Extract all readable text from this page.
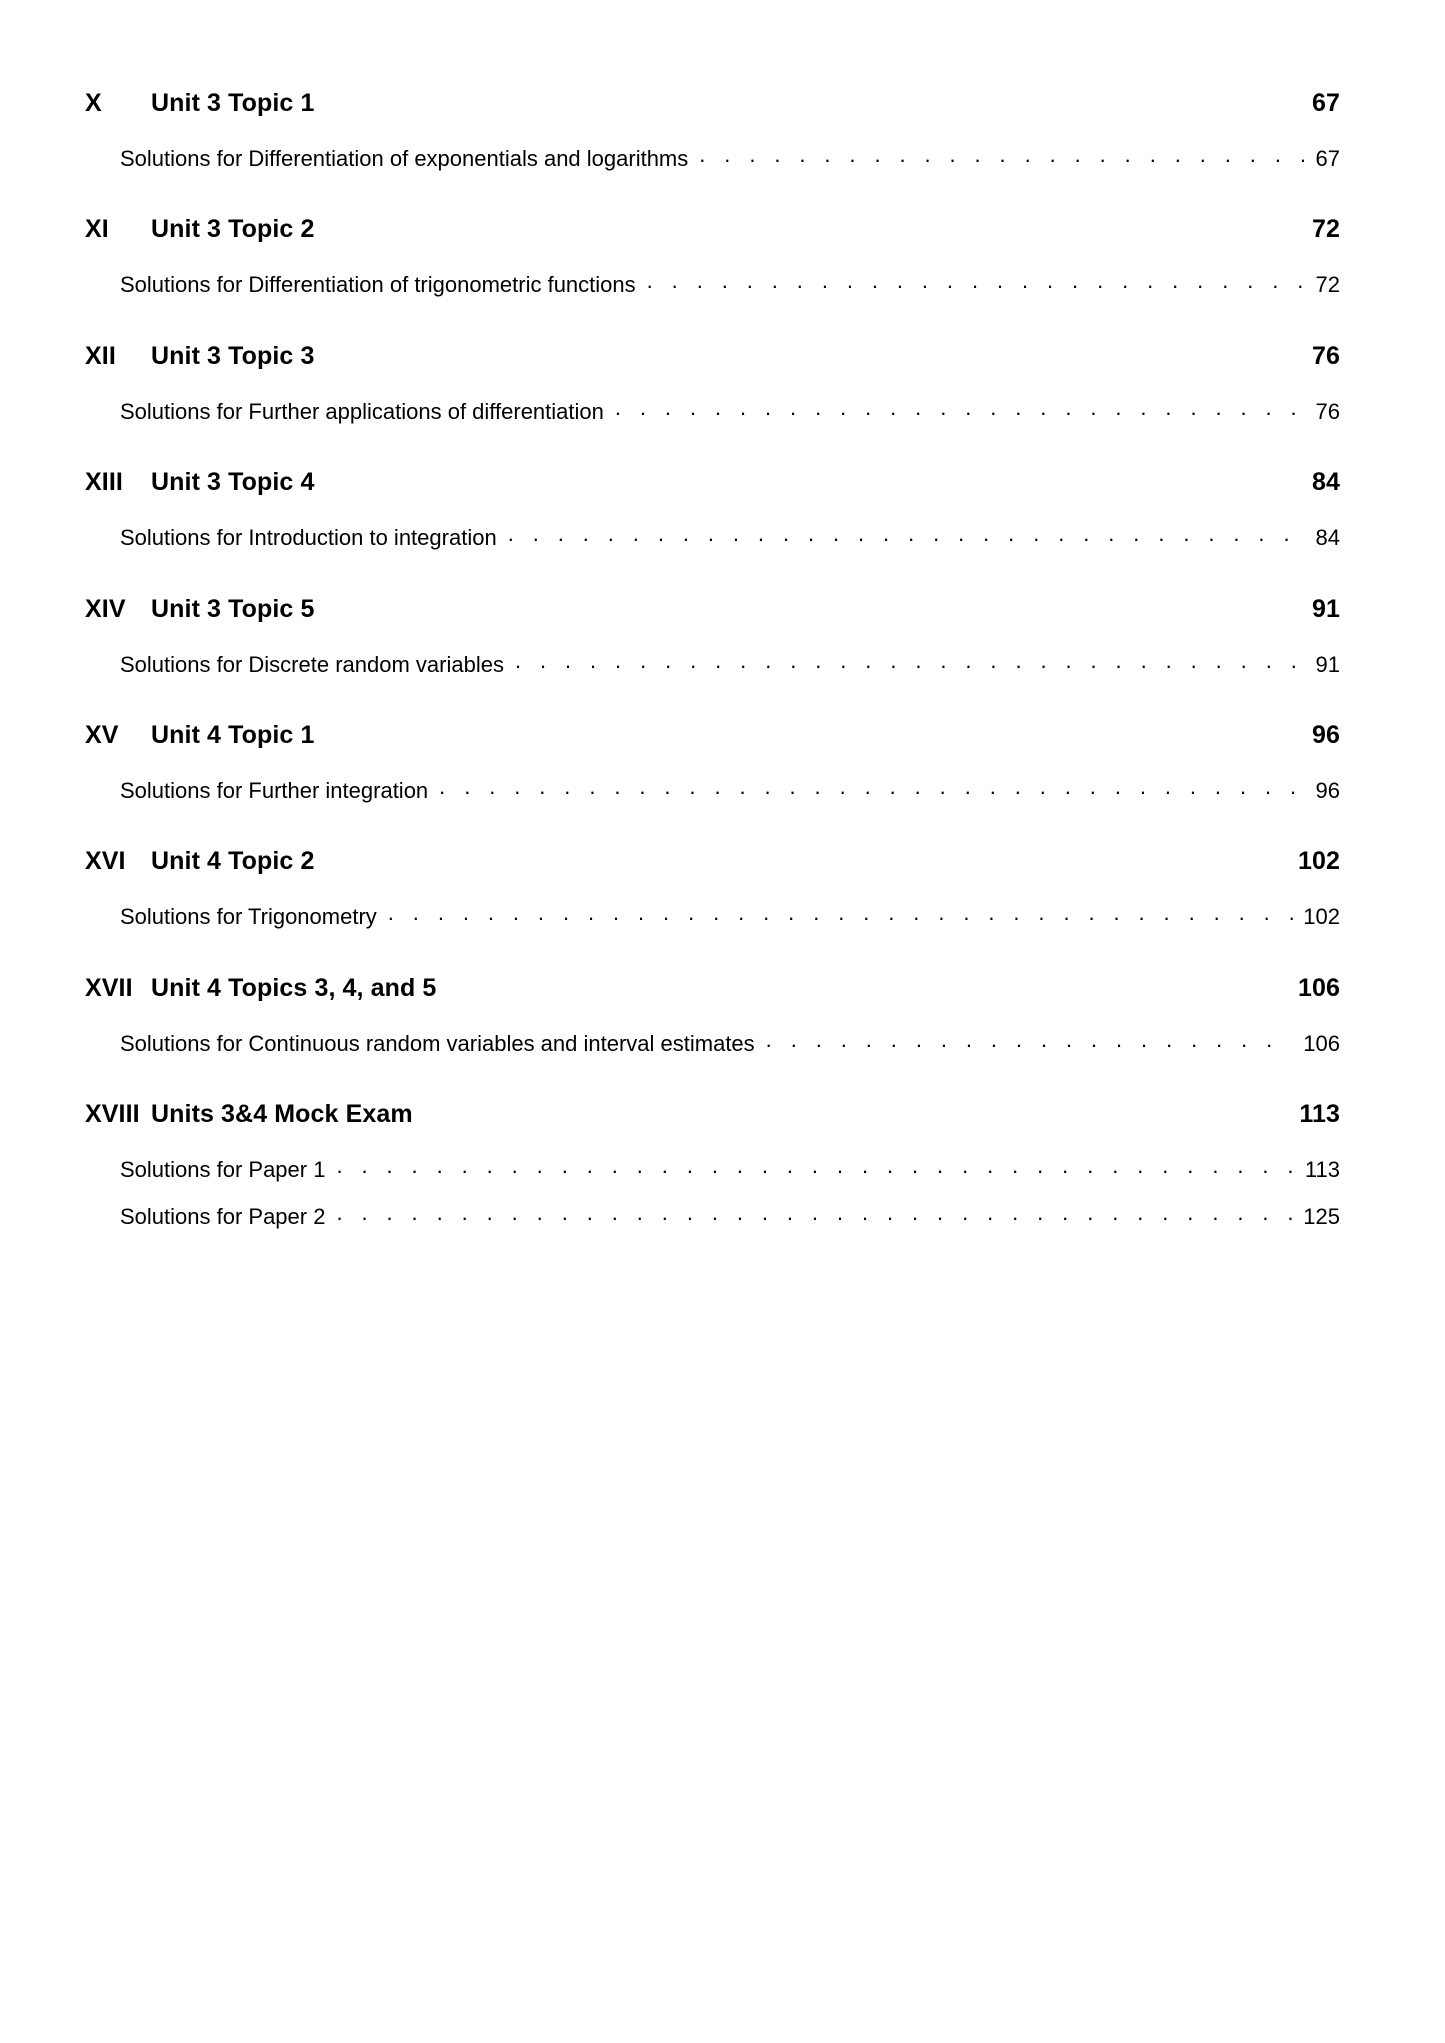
X	Unit 3 Topic 1	67
Solutions for Differentiation of exponentials and logarithms . . .	67
XI	Unit 3 Topic 2	72
Solutions for Differentiation of trigonometric functions . . .	72
XII	Unit 3 Topic 3	76
Solutions for Further applications of differentiation . . .	76
XIII	Unit 3 Topic 4	84
Solutions for Introduction to integration . . .	84
XIV	Unit 3 Topic 5	91
Solutions for Discrete random variables . . .	91
XV	Unit 4 Topic 1	96
Solutions for Further integration . . .	96
XVI	Unit 4 Topic 2	102
Solutions for Trigonometry . . .	102
XVII Unit 4 Topics 3, 4, and 5	106
Solutions for Continuous random variables and interval estimates . . .	106
XVIII Units 3&4 Mock Exam	113
Solutions for Paper 1 . . .	113
Solutions for Paper 2 . . .	125
